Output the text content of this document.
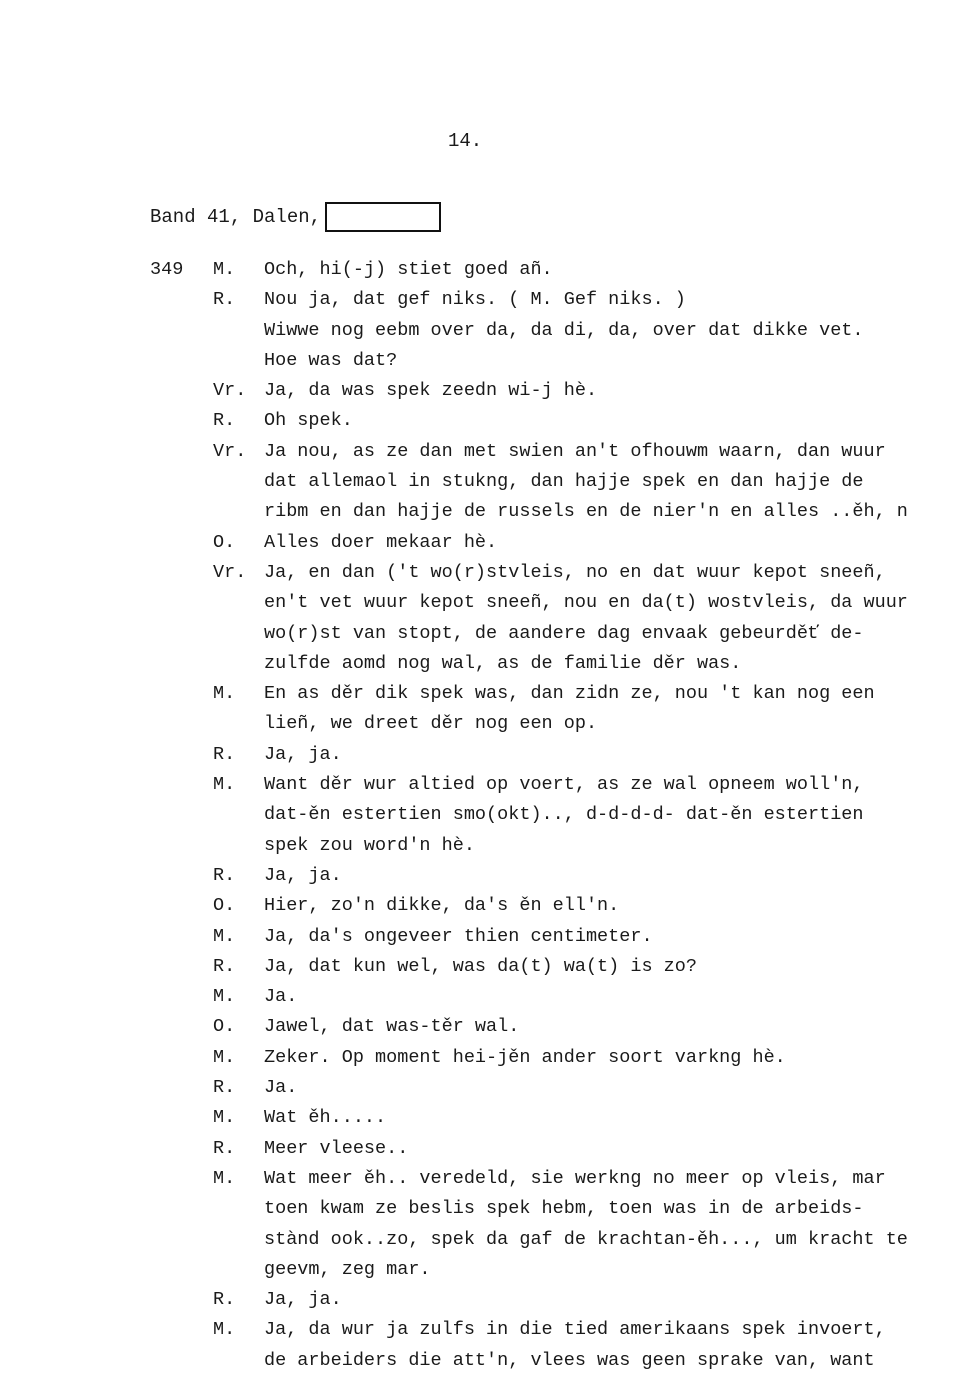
14.
Band 41, Dalen,
349 M. Och, hi(-j) stiet goed añ.
R. Nou ja, dat gef niks. ( M. Gef niks. )
Wiwwe nog eebm over da, da di, da, over dat dikke vet.
Hoe was dat?
Vr. Ja, da was spek zeedn wi-j hè.
R. Oh spek.
Vr. Ja nou, as ze dan met swien an't ofhouwm waarn, dan wuur
dat allemaol in stukng, dan hajje spek en dan hajje de
ribm en dan hajje de russels en de nier'n en alles ..ěh, n
O. Alles doer mekaar hè.
Vr. Ja, en dan ('t wo(r)stvleis, no en dat wuur kepot sneeñ,
en't vet wuur kepot sneeñ, nou en da(t) wostvleis, da wuur
wo(r)st van stopt, de aandere dag envaak gebeurděť de-
zulfde aomd nog wal, as de familie děr was.
M. En as děr dik spek was, dan zidn ze, nou 't kan nog een
lieñ, we dreet děr nog een op.
R. Ja, ja.
M. Want děr wur altied op voert, as ze wal opneem woll'n,
dat-ěn estertien smo(okt).., d-d-d-d- dat-ěn estertien
spek zou word'n hè.
R. Ja, ja.
O. Hier, zo'n dikke, da's ěn ell'n.
M. Ja, da's ongeveer thien centimeter.
R. Ja, dat kun wel, was da(t) wa(t) is zo?
M. Ja.
O. Jawel, dat was-těr wal.
M. Zeker. Op moment hei-jěn ander soort varkng hè.
R. Ja.
M. Wat ěh.....
R. Meer vleese..
M. Wat meer ěh.. veredeld, sie werkng no meer op vleis, mar
toen kwam ze beslis spek hebm, toen was in de arbeids-
stànd ook..zo, spek da gaf de krachtan-ěh..., um kracht te
geevm, zeg mar.
R. Ja, ja.
M. Ja, da wur ja zulfs in die tied amerikaans spek invoert,
de arbeiders die att'n, vlees was geen sprake van, want
